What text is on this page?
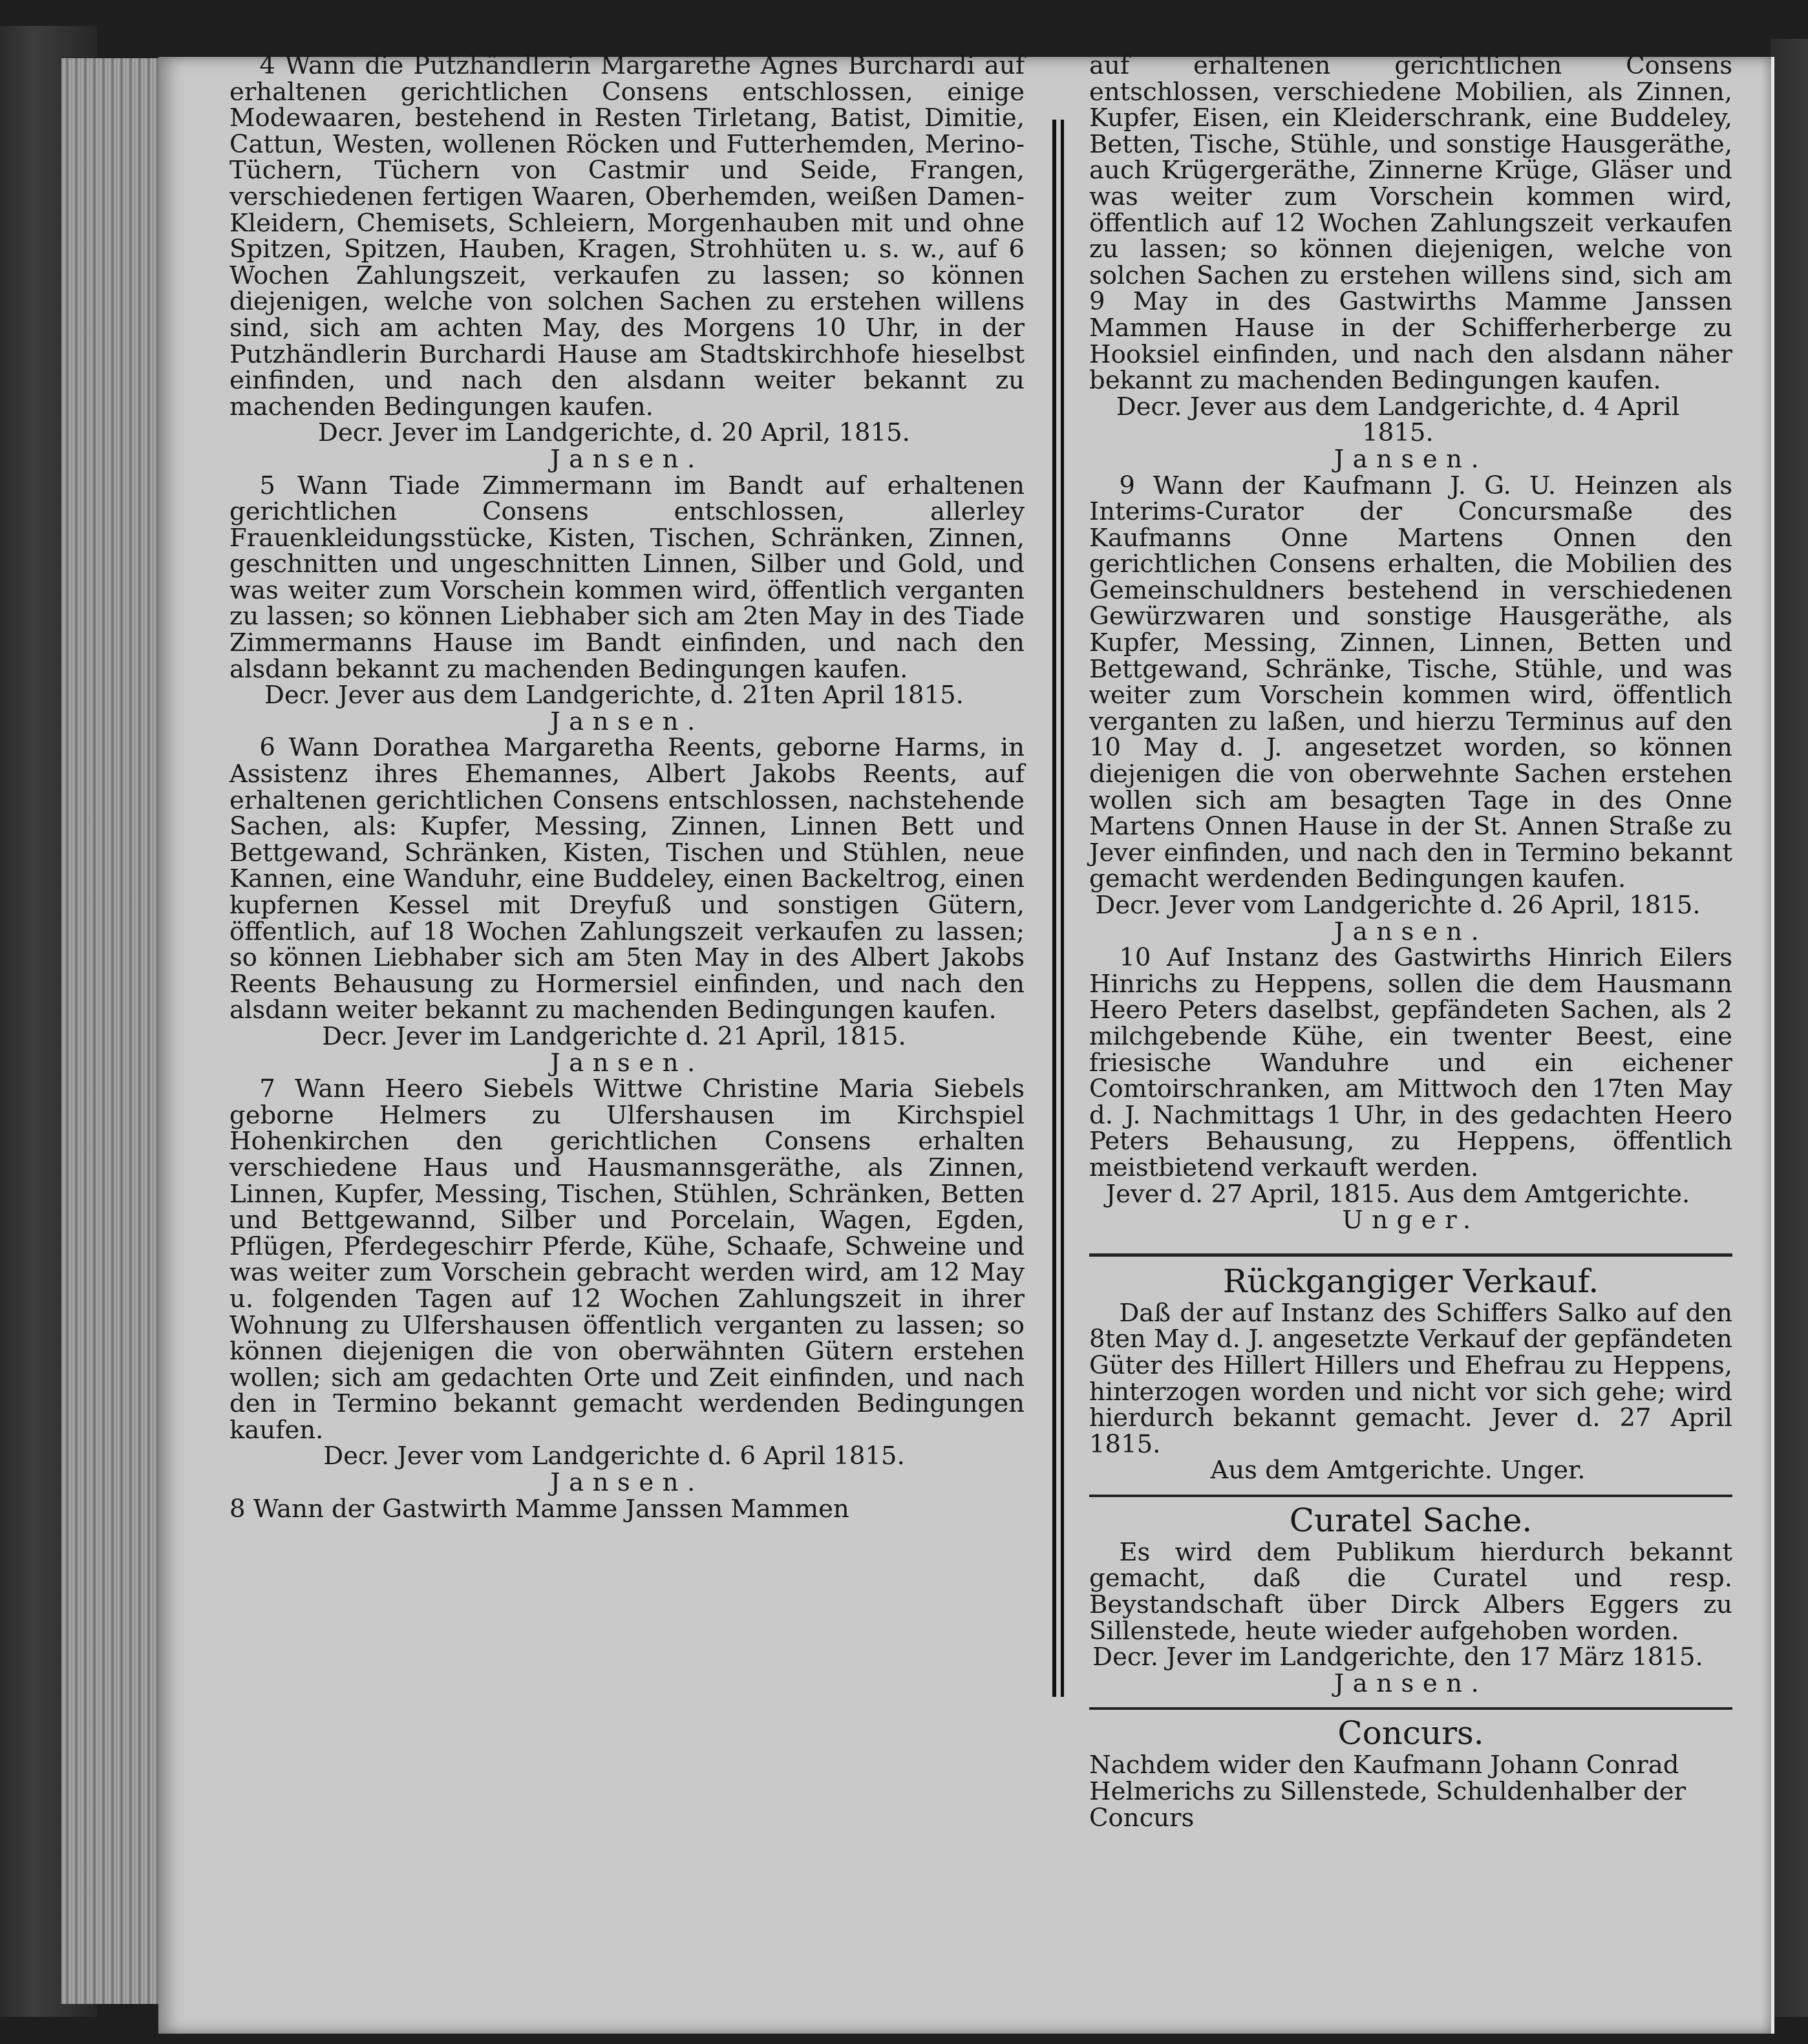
4 Wann die Putzhändlerin Margarethe Agnes Burchardi auf erhaltenen gerichtlichen Consens entschlossen, einige Modewaaren, bestehend in Resten Tirletang, Batist, Dimitie, Cattun, Westen, wollenen Röcken und Futterhemden, Merino-Tüchern, Tüchern von Castmir und Seide, Frangen, verschiedenen fertigen Waaren, Oberhemden, weißen Damen-Kleidern, Chemisets, Schleiern, Morgenhauben mit und ohne Spitzen, Spitzen, Hauben, Kragen, Strohhüten u. s. w., auf 6 Wochen Zahlungszeit, verkaufen zu lassen; so können diejenigen, welche von solchen Sachen zu erstehen willens sind, sich am achten May, des Morgens 10 Uhr, in der Putzhändlerin Burchardi Hause am Stadtskirchhofe hieselbst einfinden, und nach den alsdann weiter bekannt zu machenden Bedingungen kaufen.

Decr. Jever im Landgerichte, d. 20 April, 1815.

Jansen.

5 Wann Tiade Zimmermann im Bandt auf erhaltenen gerichtlichen Consens entschlossen, allerley Frauenkleidungsstücke, Kisten, Tischen, Schränken, Zinnen, geschnitten und ungeschnitten Linnen, Silber und Gold, und was weiter zum Vorschein kommen wird, öffentlich verganten zu lassen; so können Liebhaber sich am 2ten May in des Tiade Zimmermanns Hause im Bandt einfinden, und nach den alsdann bekannt zu machenden Bedingungen kaufen.

Decr. Jever aus dem Landgerichte, d. 21ten April 1815.

Jansen.

6 Wann Dorathea Margaretha Reents, geborne Harms, in Assistenz ihres Ehemannes, Albert Jakobs Reents, auf erhaltenen gerichtlichen Consens entschlossen, nachstehende Sachen, als: Kupfer, Messing, Zinnen, Linnen Bett und Bettgewand, Schränken, Kisten, Tischen und Stühlen, neue Kannen, eine Wanduhr, eine Buddeley, einen Backeltrog, einen kupfernen Kessel mit Dreyfuß und sonstigen Gütern, öffentlich, auf 18 Wochen Zahlungszeit verkaufen zu lassen; so können Liebhaber sich am 5ten May in des Albert Jakobs Reents Behausung zu Hormersiel einfinden, und nach den alsdann weiter bekannt zu machenden Bedingungen kaufen.

Decr. Jever im Landgerichte d. 21 April, 1815.

Jansen.

7 Wann Heero Siebels Wittwe Christine Maria Siebels geborne Helmers zu Ulfershausen im Kirchspiel Hohenkirchen den gerichtlichen Consens erhalten verschiedene Haus und Hausmannsgeräthe, als Zinnen, Linnen, Kupfer, Messing, Tischen, Stühlen, Schränken, Betten und Bettgewannd, Silber und Porcelain, Wagen, Egden, Pflügen, Pferdegeschirr Pferde, Kühe, Schaafe, Schweine und was weiter zum Vorschein gebracht werden wird, am 12 May u. folgenden Tagen auf 12 Wochen Zahlungszeit in ihrer Wohnung zu Ulfershausen öffentlich verganten zu lassen; so können diejenigen die von oberwähnten Gütern erstehen wollen; sich am gedachten Orte und Zeit einfinden, und nach den in Termino bekannt gemacht werdenden Bedingungen kaufen.

Decr. Jever vom Landgerichte d. 6 April 1815.

Jansen.

8 Wann der Gastwirth Mamme Janssen Mammen

auf erhaltenen gerichtlichen Consens entschlossen, verschiedene Mobilien, als Zinnen, Kupfer, Eisen, ein Kleiderschrank, eine Buddeley, Betten, Tische, Stühle, und sonstige Hausgeräthe, auch Krügergeräthe, Zinnerne Krüge, Gläser und was weiter zum Vorschein kommen wird, öffentlich auf 12 Wochen Zahlungszeit verkaufen zu lassen; so können diejenigen, welche von solchen Sachen zu erstehen willens sind, sich am 9 May in des Gastwirths Mamme Janssen Mammen Hause in der Schifferherberge zu Hooksiel einfinden, und nach den alsdann näher bekannt zu machenden Bedingungen kaufen.

Decr. Jever aus dem Landgerichte, d. 4 April 1815.

Jansen.

9 Wann der Kaufmann J. G. U. Heinzen als Interims-Curator der Concursmaße des Kaufmanns Onne Martens Onnen den gerichtlichen Consens erhalten, die Mobilien des Gemeinschuldners bestehend in verschiedenen Gewürzwaren und sonstige Hausgeräthe, als Kupfer, Messing, Zinnen, Linnen, Betten und Bettgewand, Schränke, Tische, Stühle, und was weiter zum Vorschein kommen wird, öffentlich verganten zu laßen, und hierzu Terminus auf den 10 May d. J. angesetzet worden, so können diejenigen die von oberwehnte Sachen erstehen wollen sich am besagten Tage in des Onne Martens Onnen Hause in der St. Annen Straße zu Jever einfinden, und nach den in Termino bekannt gemacht werdenden Bedingungen kaufen.

Decr. Jever vom Landgerichte d. 26 April, 1815.

Jansen.

10 Auf Instanz des Gastwirths Hinrich Eilers Hinrichs zu Heppens, sollen die dem Hausmann Heero Peters daselbst, gepfändeten Sachen, als 2 milchgebende Kühe, ein twenter Beest, eine friesische Wanduhre und ein eichener Comtoirschranken, am Mittwoch den 17ten May d. J. Nachmittags 1 Uhr, in des gedachten Heero Peters Behausung, zu Heppens, öffentlich meistbietend verkauft werden.

Jever d. 27 April, 1815. Aus dem Amtgerichte.

Unger.

Rückgangiger Verkauf.

Daß der auf Instanz des Schiffers Salko auf den 8ten May d. J. angesetzte Verkauf der gepfändeten Güter des Hillert Hillers und Ehefrau zu Heppens, hinterzogen worden und nicht vor sich gehe; wird hierdurch bekannt gemacht. Jever d. 27 April 1815.

Aus dem Amtgerichte. Unger.

Curatel Sache.

Es wird dem Publikum hierdurch bekannt gemacht, daß die Curatel und resp. Beystandschaft über Dirck Albers Eggers zu Sillenstede, heute wieder aufgehoben worden.

Decr. Jever im Landgerichte, den 17 März 1815.

Jansen.

Concurs.

Nachdem wider den Kaufmann Johann Conrad Helmerichs zu Sillenstede, Schuldenhalber der Concurs
